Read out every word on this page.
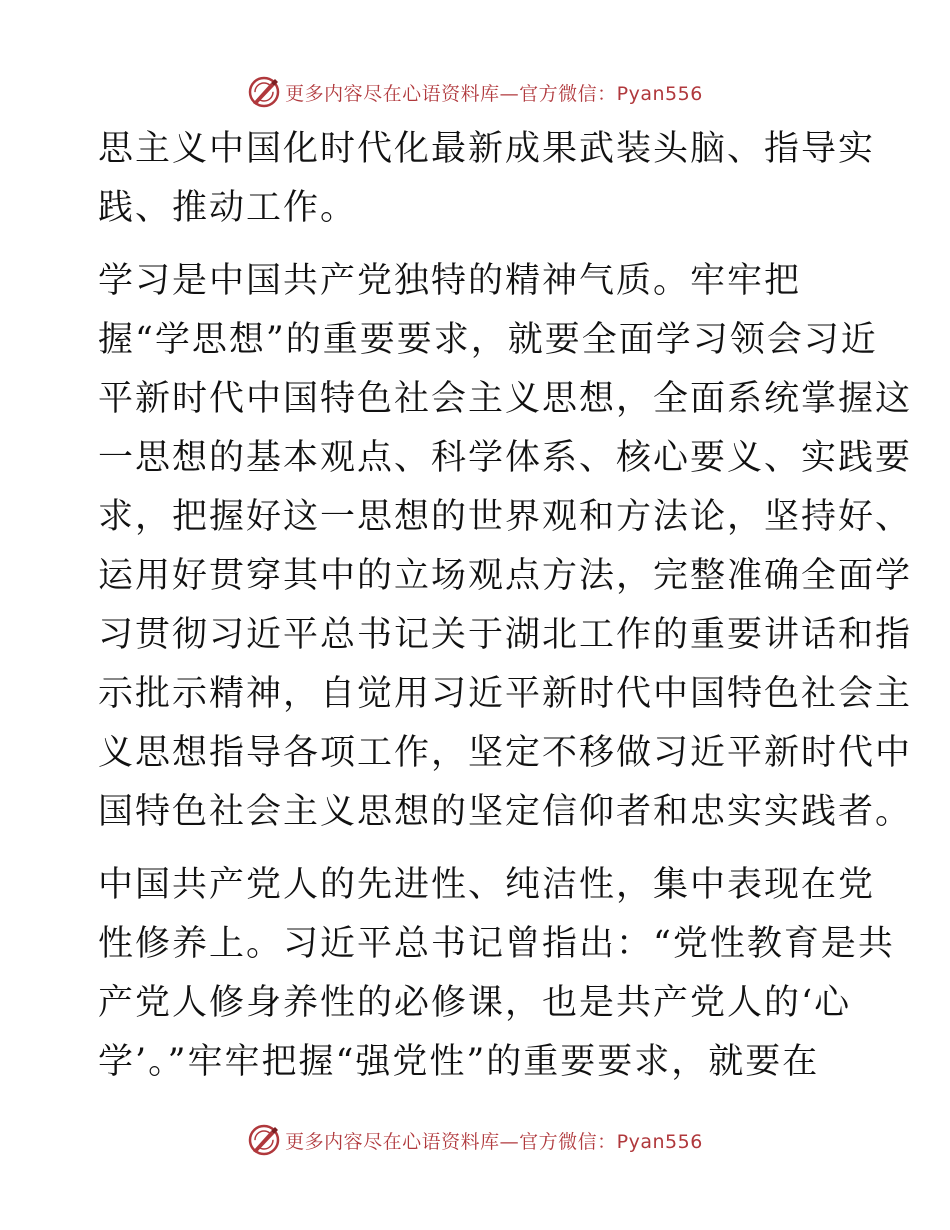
更多内容尽在心语资料库—官方微信：Pyan556
思主义中国化时代化最新成果武装头脑、指导实
践、推动工作。
学习是中国共产党独特的精神气质。牢牢把
握“学思想”的重要要求，就要全面学习领会习近
平新时代中国特色社会主义思想，全面系统掌握这
一思想的基本观点、科学体系、核心要义、实践要
求，把握好这一思想的世界观和方法论，坚持好、
运用好贯穿其中的立场观点方法，完整准确全面学
习贯彻习近平总书记关于湖北工作的重要讲话和指
示批示精神，自觉用习近平新时代中国特色社会主
义思想指导各项工作，坚定不移做习近平新时代中
国特色社会主义思想的坚定信仰者和忠实实践者。
中国共产党人的先进性、纯洁性，集中表现在党
性修养上。习近平总书记曾指出：“党性教育是共
产党人修身养性的必修课，也是共产党人的‘心
学’。”牢牢把握“强党性”的重要要求，就要在
更多内容尽在心语资料库—官方微信：Pyan556
